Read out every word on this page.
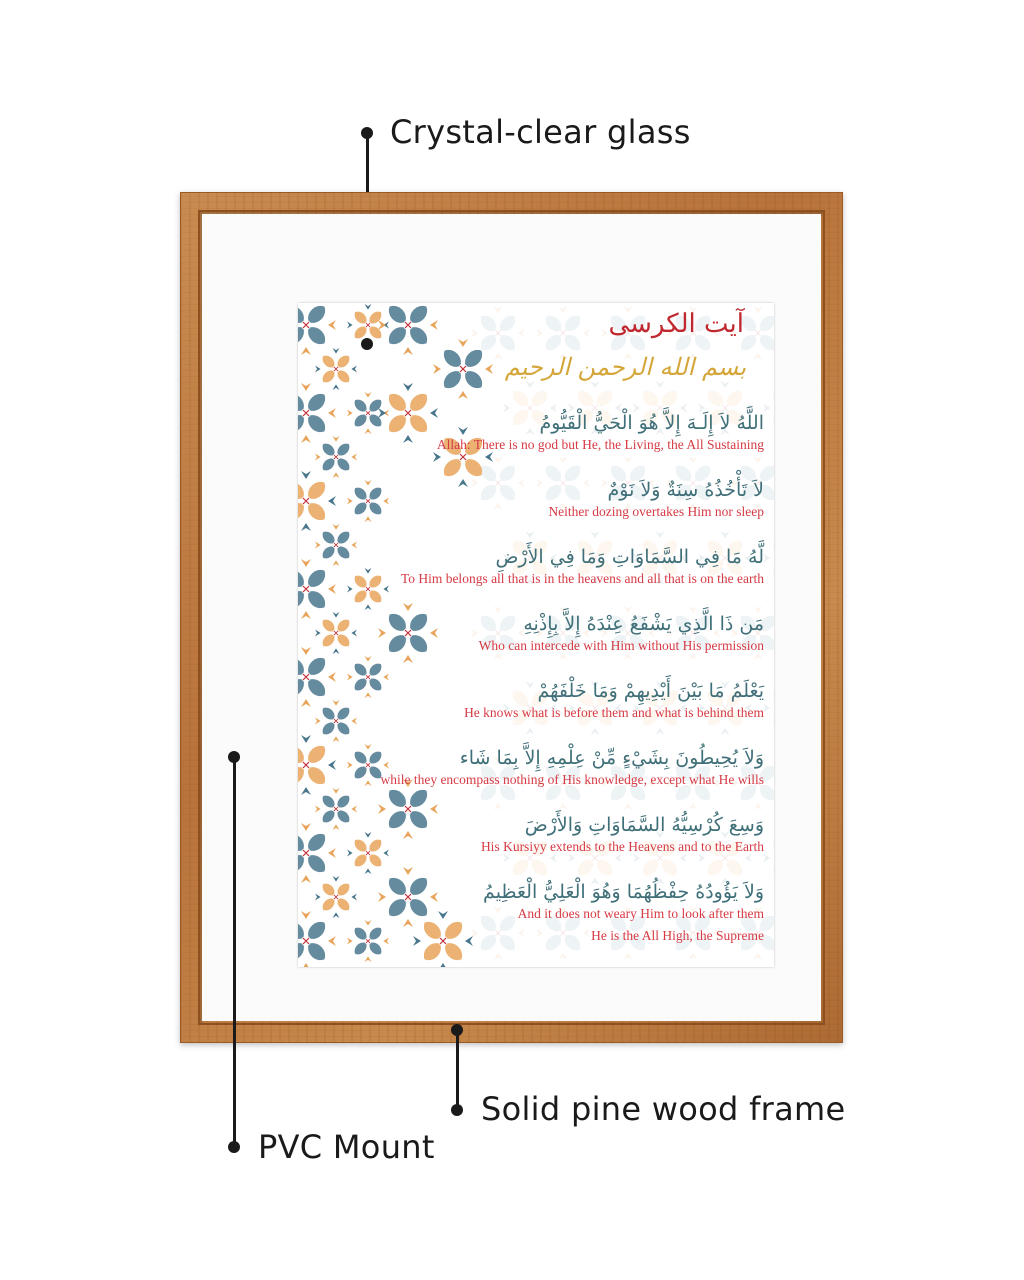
Crystal-clear glass
آيت الكرسى
بسم الله الرحمن الرحيم
اللَّهُ لاَ إِلَـهَ إِلاَّ هُوَ الْحَيُّ الْقَيُّومُ
Allah: There is no god but He, the Living, the All Sustaining
لاَ تَأْخُذُهُ سِنَةٌ وَلاَ نَوْمٌ
Neither dozing overtakes Him nor sleep
لَّهُ مَا فِي السَّمَاوَاتِ وَمَا فِي الأَرْضِ
To Him belongs all that is in the heavens and all that is on the earth
مَن ذَا الَّذِي يَشْفَعُ عِنْدَهُ إِلاَّ بِإِذْنِهِ
Who can intercede with Him without His permission
يَعْلَمُ مَا بَيْنَ أَيْدِيهِمْ وَمَا خَلْفَهُمْ
He knows what is before them and what is behind them
وَلاَ يُحِيطُونَ بِشَيْءٍ مِّنْ عِلْمِهِ إِلاَّ بِمَا شَاء
while they encompass nothing of His knowledge, except what He wills
وَسِعَ كُرْسِيُّهُ السَّمَاوَاتِ وَالأَرْضَ
His Kursiyy extends to the Heavens and to the Earth
وَلاَ يَؤُودُهُ حِفْظُهُمَا وَهُوَ الْعَلِيُّ الْعَظِيمُ
And it does not weary Him to look after them
He is the All High, the Supreme
PVC Mount
Solid pine wood frame
